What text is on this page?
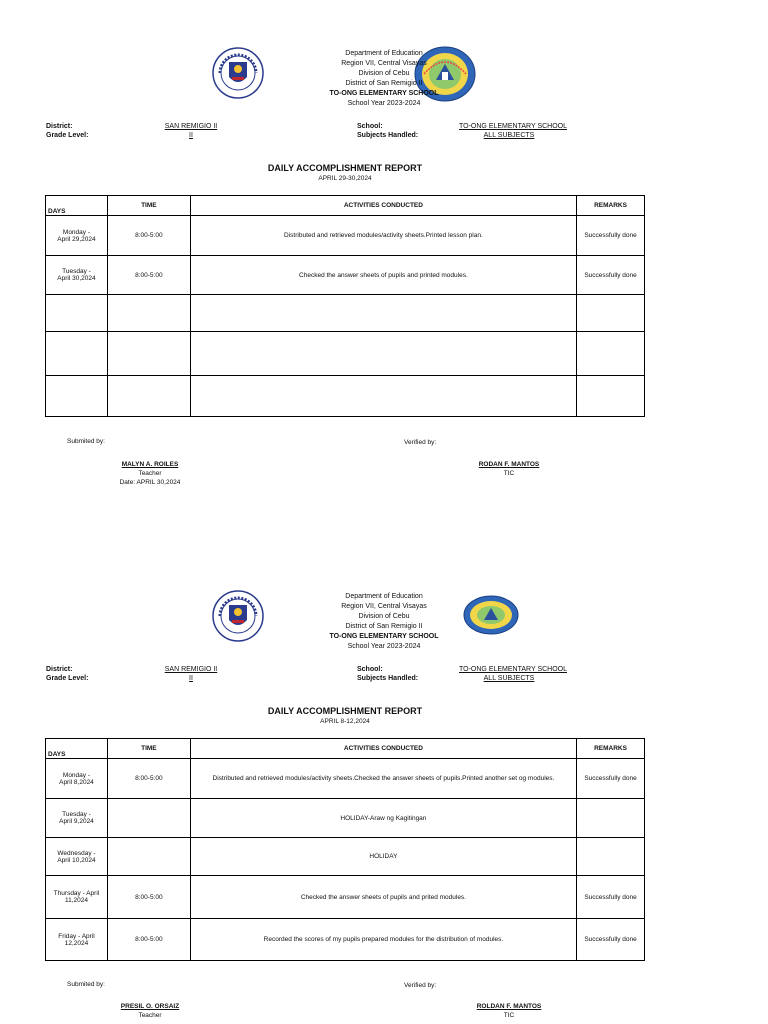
Department of Education
Region VII, Central Visayas
Division of Cebu
District of San Remigio II
TO-ONG ELEMENTARY SCHOOL
School Year 2023-2024
District:
Grade Level:
SAN REMIGIO II
II
School:
Subjects Handled:
TO-ONG ELEMENTARY SCHOOL
ALL SUBJECTS
DAILY ACCOMPLISHMENT REPORT
APRIL 29-30,2024
DAYS	TIME	ACTIVITIES CONDUCTED	REMARKS
Monday -
April 29,2024	8:00-5:00	Distributed and retrieved modules/activity sheets.Printed lesson plan.	Successfully done
Tuesday -
April 30,2024	8:00-5:00	Checked the answer sheets of pupils and printed modules.	Successfully done

Submited by:	Verified by:
MALYN A. ROILES
Teacher
Date: APRIL 30,2024
RODAN F. MANTOS
TIC
Department of Education
Region VII, Central Visayas
Division of Cebu
District of San Remigio II
TO-ONG ELEMENTARY SCHOOL
School Year 2023-2024
District:
Grade Level:
SAN REMIGIO II
II
School:
Subjects Handled:
TO-ONG ELEMENTARY SCHOOL
ALL SUBJECTS
DAILY ACCOMPLISHMENT REPORT
APRIL 8-12,2024
DAYS	TIME	ACTIVITIES CONDUCTED	REMARKS
Monday -
April 8,2024	8:00-5:00	Distributed and retrieved modules/activity sheets.Checked the answer sheets of pupils.Printed another set og modules.	Successfully done
Tuesday -
April 9,2024		HOLIDAY-Araw ng Kagitingan	
Wednesday -
April 10,2024		HOLIDAY	
Thursday - April
11,2024	8:00-5:00	Checked the answer sheets of pupils and prited modules.	Successfully done
Friday - April
12,2024	8:00-5:00	Recorded the scores of my pupils prepared modules for the distribution of modules.	Successfully done
Submited by:	Verified by:
PRESIL O. ORSAIZ
Teacher
ROLDAN F. MANTOS
TIC
